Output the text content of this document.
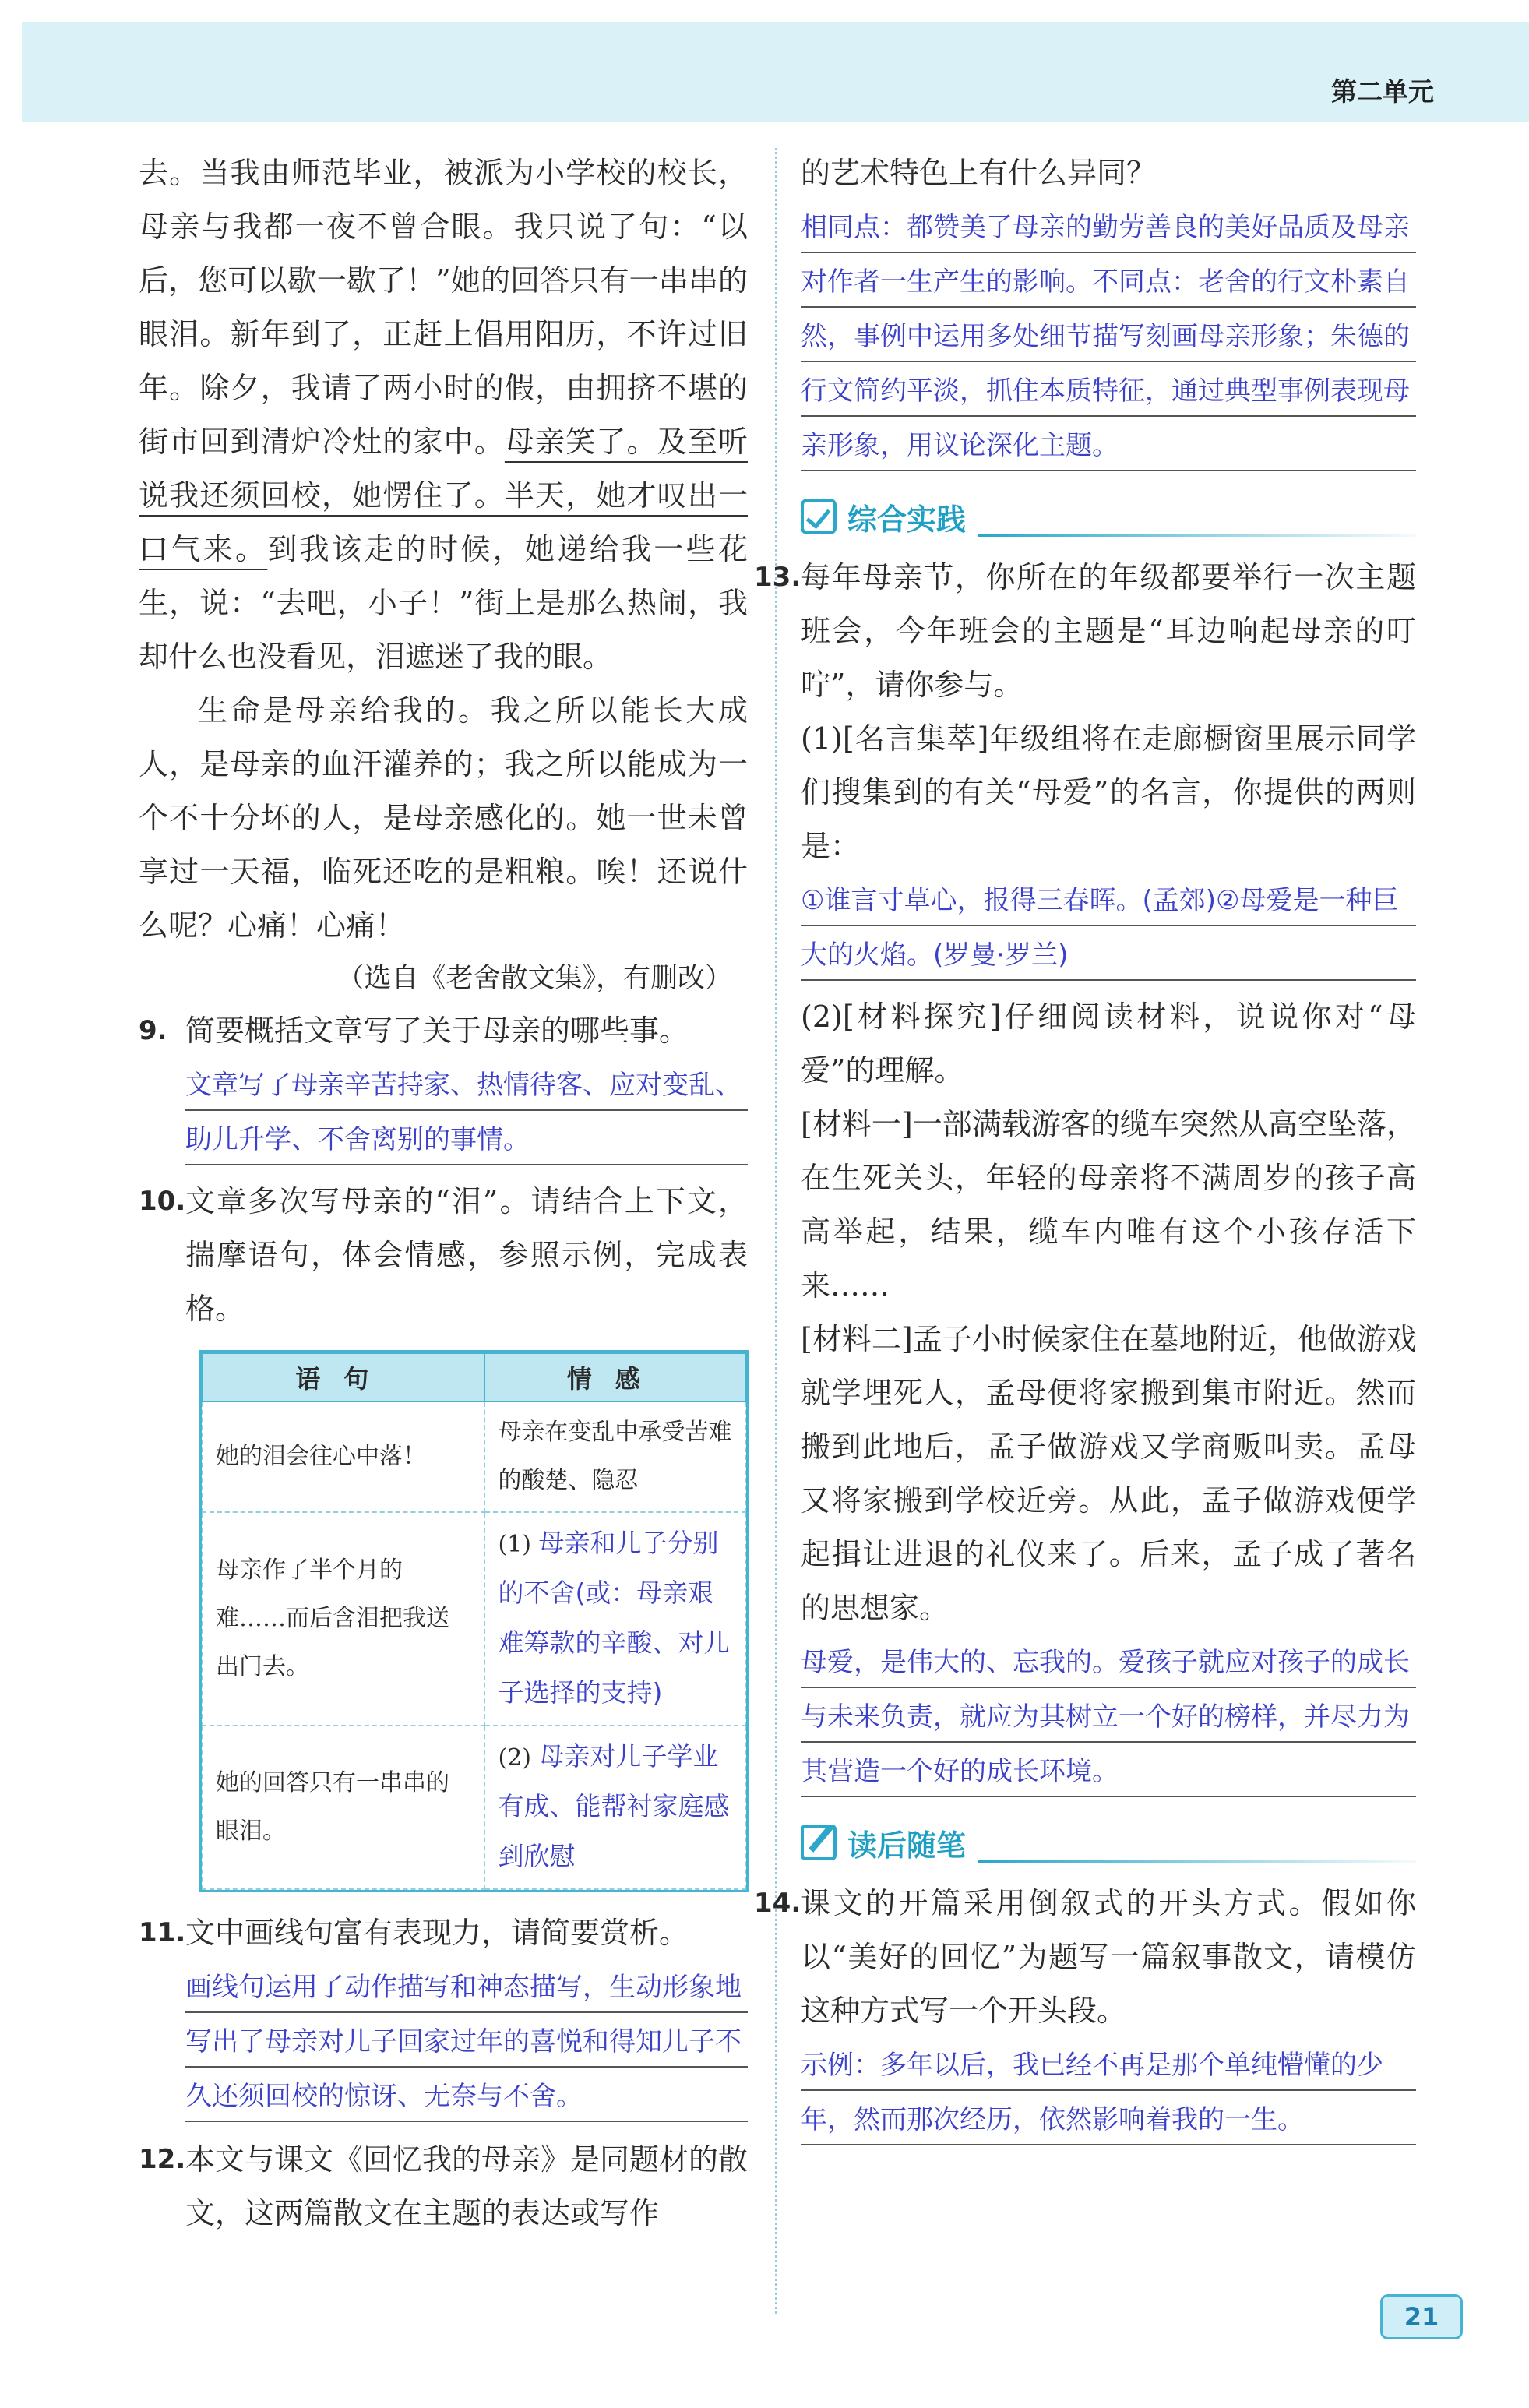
第二单元

去。当我由师范毕业，被派为小学校的校长，母亲与我都一夜不曾合眼。我只说了句：“以后，您可以歇一歇了！”她的回答只有一串串的眼泪。新年到了，正赶上倡用阳历，不许过旧年。除夕，我请了两小时的假，由拥挤不堪的街市回到清炉冷灶的家中。母亲笑了。及至听说我还须回校，她愣住了。半天，她才叹出一口气来。到我该走的时候，她递给我一些花生，说：“去吧，小子！”街上是那么热闹，我却什么也没看见，泪遮迷了我的眼。

生命是母亲给我的。我之所以能长大成人，是母亲的血汗灌养的；我之所以能成为一个不十分坏的人，是母亲感化的。她一世未曾享过一天福，临死还吃的是粗粮。唉！还说什么呢？心痛！心痛！

（选自《老舍散文集》，有删改）

9. 简要概括文章写了关于母亲的哪些事。
文章写了母亲辛苦持家、热情待客、应对变乱、助儿升学、不舍离别的事情。
10. 文章多次写母亲的“泪”。请结合上下文，揣摩语句，体会情感，参照示例，完成表格。
语句	情感
她的泪会往心中落！	母亲在变乱中承受苦难的酸楚、隐忍
母亲作了半个月的难……而后含泪把我送出门去。	(1) 母亲和儿子分别的不舍(或：母亲艰难筹款的辛酸、对儿子选择的支持)
她的回答只有一串串的眼泪。	(2) 母亲对儿子学业有成、能帮衬家庭感到欣慰
11. 文中画线句富有表现力，请简要赏析。
画线句运用了动作描写和神态描写，生动形象地写出了母亲对儿子回家过年的喜悦和得知儿子不久还须回校的惊讶、无奈与不舍。
12. 本文与课文《回忆我的母亲》是同题材的散文，这两篇散文在主题的表达或写作

的艺术特色上有什么异同？

相同点：都赞美了母亲的勤劳善良的美好品质及母亲对作者一生产生的影响。不同点：老舍的行文朴素自然，事例中运用多处细节描写刻画母亲形象；朱德的行文简约平淡，抓住本质特征，通过典型事例表现母亲形象，用议论深化主题。
综合实践
13. 每年母亲节，你所在的年级都要举行一次主题班会，今年班会的主题是“耳边响起母亲的叮咛”，请你参与。

(1)[名言集萃]年级组将在走廊橱窗里展示同学们搜集到的有关“母爱”的名言，你提供的两则是：

①谁言寸草心，报得三春晖。(孟郊)②母爱是一种巨大的火焰。(罗曼·罗兰)

(2)[材料探究]仔细阅读材料，说说你对“母爱”的理解。

[材料一]一部满载游客的缆车突然从高空坠落，在生死关头，年轻的母亲将不满周岁的孩子高高举起，结果，缆车内唯有这个小孩存活下来……

[材料二]孟子小时候家住在墓地附近，他做游戏就学埋死人，孟母便将家搬到集市附近。然而搬到此地后，孟子做游戏又学商贩叫卖。孟母又将家搬到学校近旁。从此，孟子做游戏便学起揖让进退的礼仪来了。后来，孟子成了著名的思想家。

母爱，是伟大的、忘我的。爱孩子就应对孩子的成长与未来负责，就应为其树立一个好的榜样，并尽力为其营造一个好的成长环境。
读后随笔
14. 课文的开篇采用倒叙式的开头方式。假如你以“美好的回忆”为题写一篇叙事散文，请模仿这种方式写一个开头段。
示例：多年以后，我已经不再是那个单纯懵懂的少年，然而那次经历，依然影响着我的一生。
21
